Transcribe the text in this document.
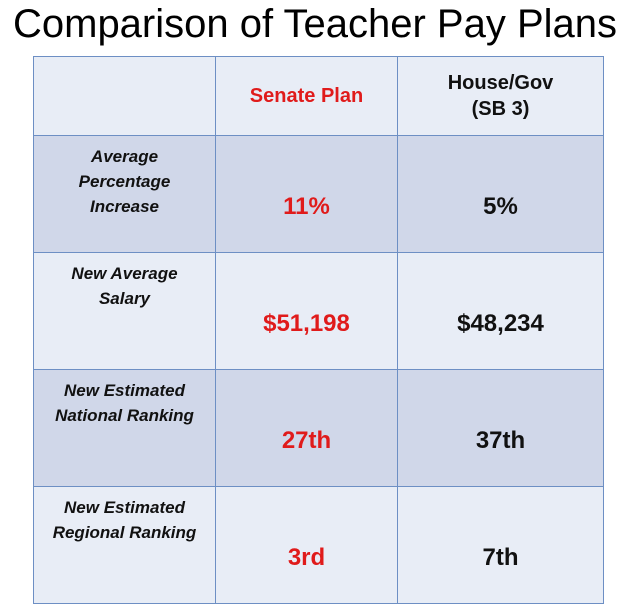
Comparison of Teacher Pay Plans
	Senate Plan	House/Gov
(SB 3)

Average
Percentage
Increase	11%	5%

New Average
Salary	$51,198	$48,234

New Estimated
National Ranking	27th	37th

New Estimated
Regional Ranking	3rd	7th
